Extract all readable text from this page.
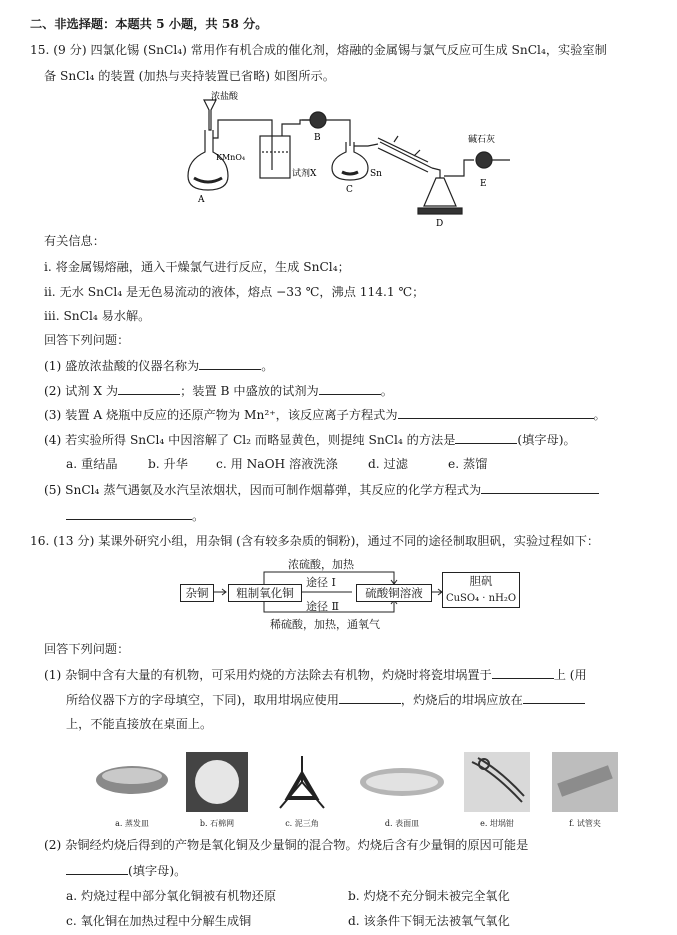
二、非选择题：本题共 5 小题，共 58 分。
15. (9 分) 四氯化锡 (SnCl₄) 常用作有机合成的催化剂，熔融的金属锡与氯气反应可生成 SnCl₄，实验室制
备 SnCl₄ 的装置 (加热与夹持装置已省略) 如图所示。
浓盐酸
KMnO₄
A
试剂X
B
C
Sn
D
E
碱石灰
有关信息：
ⅰ. 将金属锡熔融，通入干燥氯气进行反应，生成 SnCl₄；
ⅱ. 无水 SnCl₄ 是无色易流动的液体，熔点 −33 ℃，沸点 114.1 ℃；
ⅲ. SnCl₄ 易水解。
回答下列问题：
(1) 盛放浓盐酸的仪器名称为	。
(2) 试剂 X 为	；装置 B 中盛放的试剂为	。
(3) 装置 A 烧瓶中反应的还原产物为 Mn²⁺，该反应离子方程式为	。
(4) 若实验所得 SnCl₄ 中因溶解了 Cl₂ 而略显黄色，则提纯 SnCl₄ 的方法是	(填字母)。
a. 重结晶 b. 升华 c. 用 NaOH 溶液洗涤 d. 过滤	e. 蒸馏
(5) SnCl₄ 蒸气遇氨及水汽呈浓烟状，因而可制作烟幕弹，其反应的化学方程式为
。
16. (13 分) 某课外研究小组，用杂铜 (含有较多杂质的铜粉)，通过不同的途径制取胆矾，实验过程如下：
杂铜	粗制氧化铜	硫酸铜溶液
胆矾
CuSO₄ · nH₂O
浓硫酸，加热
途径 Ⅰ
途径 Ⅱ
稀硫酸，加热，通氧气
回答下列问题：
(1) 杂铜中含有大量的有机物，可采用灼烧的方法除去有机物，灼烧时将瓷坩埚置于	上 (用
所给仪器下方的字母填空，下同)，取用坩埚应使用	，灼烧后的坩埚应放在
上，不能直接放在桌面上。
a. 蒸发皿	b. 石棉网	c. 泥三角	d. 表面皿	e. 坩埚钳	f. 试管夹
(2) 杂铜经灼烧后得到的产物是氧化铜及少量铜的混合物。灼烧后含有少量铜的原因可能是
(填字母)。
a. 灼烧过程中部分氧化铜被有机物还原	b. 灼烧不充分铜未被完全氧化
c. 氧化铜在加热过程中分解生成铜	d. 该条件下铜无法被氧气氧化
